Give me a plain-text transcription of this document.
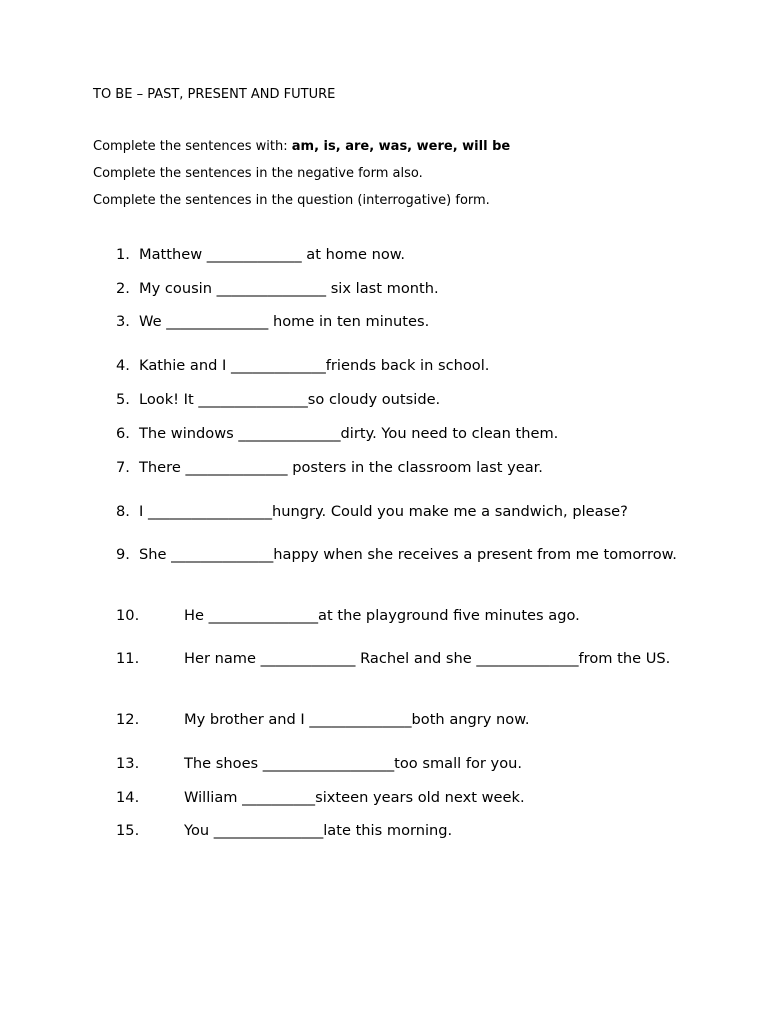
TO BE – PAST, PRESENT AND FUTURE
Complete the sentences with: am, is, are, was, were, will be
Complete the sentences in the negative form also.
Complete the sentences in the question (interrogative) form.
1. Matthew _____________ at home now.
2. My cousin _______________ six last month.
3. We ______________ home in ten minutes.
4. Kathie and I _____________friends back in school.
5. Look! It _______________so cloudy outside.
6. The windows ______________dirty. You need to clean them.
7. There ______________ posters in the classroom last year.
8. I _________________hungry. Could you make me a sandwich, please?
9. She ______________happy when she receives a present from me tomorrow.
10.	He _______________at the playground five minutes ago.
11.	Her name _____________ Rachel and she ______________from the US.
12.	My brother and I ______________both angry now.
13.	The shoes __________________too small for you.
14.	William __________sixteen years old next week.
15.	You _______________late this morning.
